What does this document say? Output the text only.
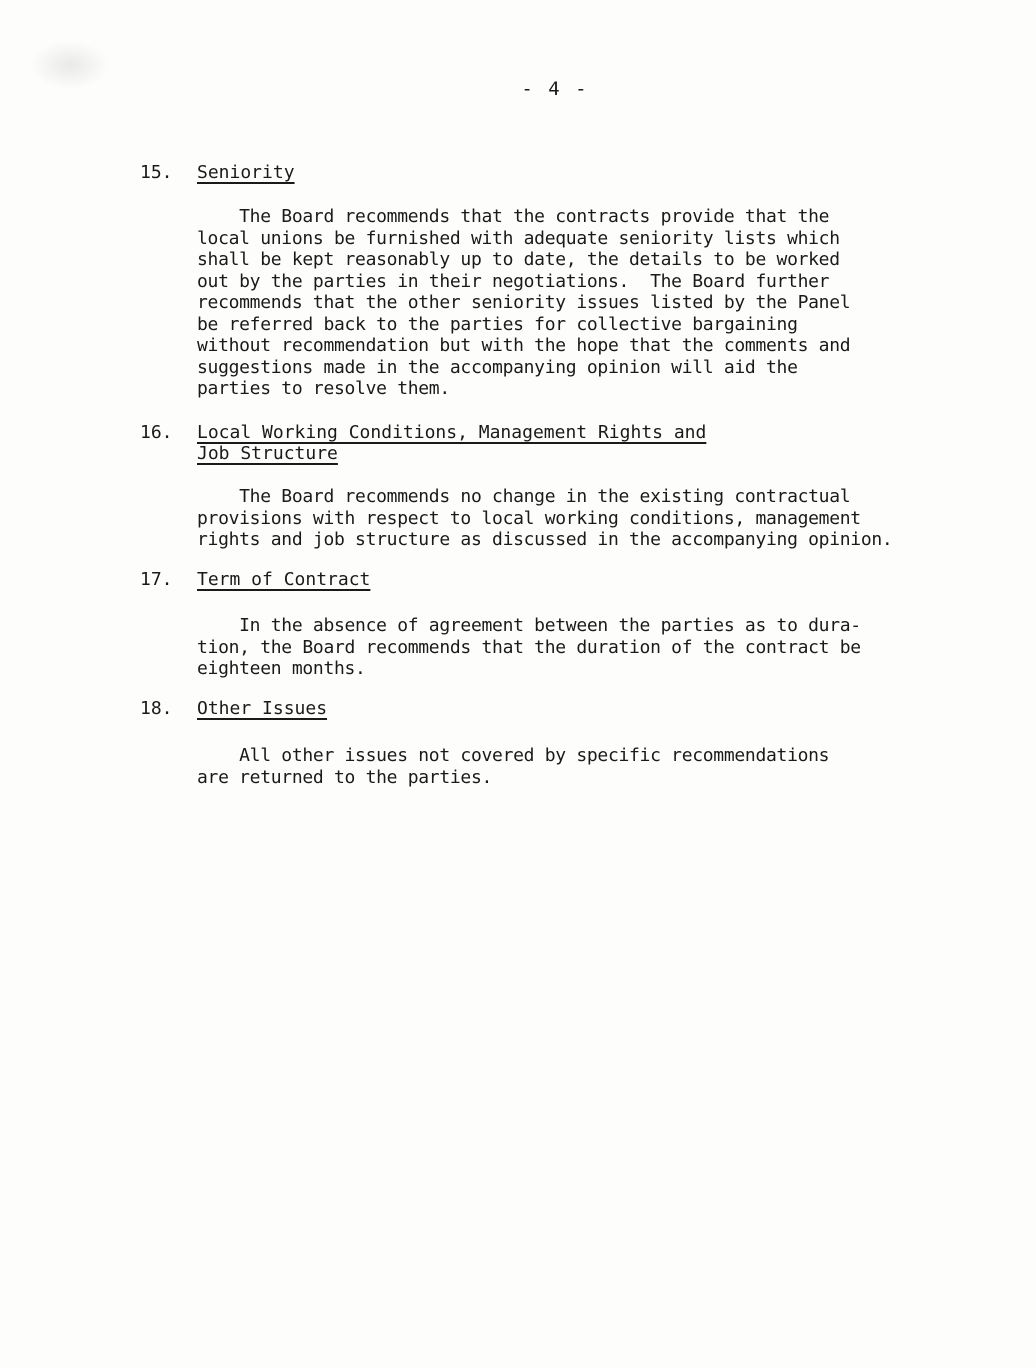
- 4 -
15. Seniority
The Board recommends that the contracts provide that the
local unions be furnished with adequate seniority lists which
shall be kept reasonably up to date, the details to be worked
out by the parties in their negotiations.  The Board further
recommends that the other seniority issues listed by the Panel
be referred back to the parties for collective bargaining
without recommendation but with the hope that the comments and
suggestions made in the accompanying opinion will aid the
parties to resolve them.
16. Local Working Conditions, Management Rights and
Job Structure
The Board recommends no change in the existing contractual
provisions with respect to local working conditions, management
rights and job structure as discussed in the accompanying opinion.
17. Term of Contract
In the absence of agreement between the parties as to dura-
tion, the Board recommends that the duration of the contract be
eighteen months.
18. Other Issues
All other issues not covered by specific recommendations
are returned to the parties.
